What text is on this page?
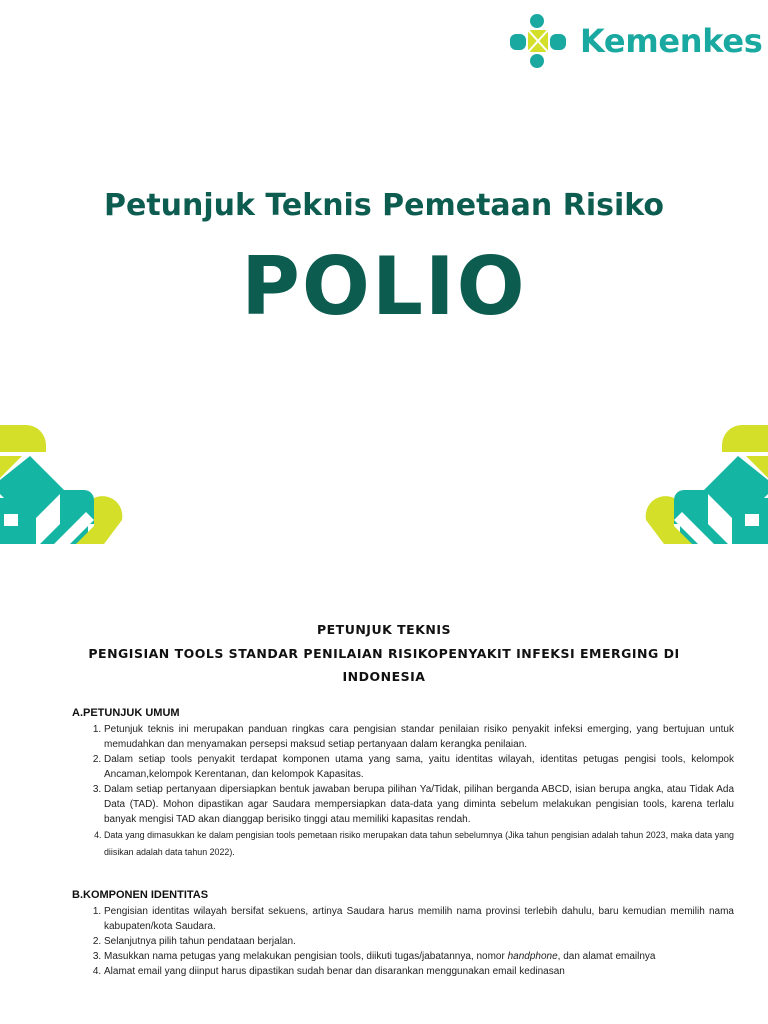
Kemenkes
Petunjuk Teknis Pemetaan Risiko
POLIO
PETUNJUK TEKNIS
PENGISIAN TOOLS STANDAR PENILAIAN RISIKOPENYAKIT INFEKSI EMERGING DI
INDONESIA
A.PETUNJUK UMUM
1. Petunjuk teknis ini merupakan panduan ringkas cara pengisian standar penilaian risiko penyakit infeksi emerging, yang bertujuan untuk memudahkan dan menyamakan persepsi maksud setiap pertanyaan dalam kerangka penilaian.
2. Dalam setiap tools penyakit terdapat komponen utama yang sama, yaitu identitas wilayah, identitas petugas pengisi tools, kelompok Ancaman,kelompok Kerentanan, dan kelompok Kapasitas.
3. Dalam setiap pertanyaan dipersiapkan bentuk jawaban berupa pilihan Ya/Tidak, pilihan berganda ABCD, isian berupa angka, atau Tidak Ada Data (TAD). Mohon dipastikan agar Saudara mempersiapkan data-data yang diminta sebelum melakukan pengisian tools, karena terlalu banyak mengisi TAD akan dianggap berisiko tinggi atau memiliki kapasitas rendah.
4. Data yang dimasukkan ke dalam pengisian tools pemetaan risiko merupakan data tahun sebelumnya (Jika tahun pengisian adalah tahun 2023, maka data yang diisikan adalah data tahun 2022).
B.KOMPONEN IDENTITAS
1. Pengisian identitas wilayah bersifat sekuens, artinya Saudara harus memilih nama provinsi terlebih dahulu, baru kemudian memilih nama kabupaten/kota Saudara.
2. Selanjutnya pilih tahun pendataan berjalan.
3. Masukkan nama petugas yang melakukan pengisian tools, diikuti tugas/jabatannya, nomor handphone, dan alamat emailnya
4. Alamat email yang diinput harus dipastikan sudah benar dan disarankan menggunakan email kedinasan
